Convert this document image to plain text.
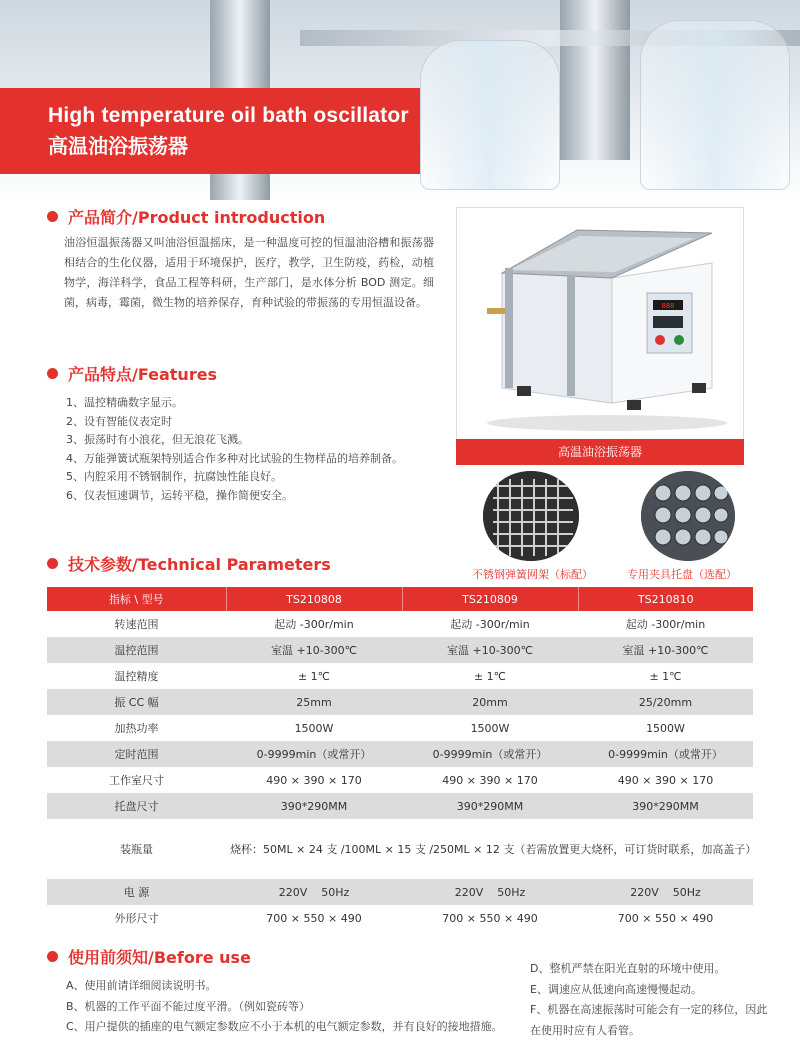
High temperature oil bath oscillator
高温油浴振荡器
产品简介/Product introduction
油浴恒温振荡器又叫油浴恒温摇床，是一种温度可控的恒温油浴槽和振荡器相结合的生化仪器，适用于环境保护，医疗，教学，卫生防疫，药检，动植物学，海洋科学，食品工程等科研，生产部门，是水体分析 BOD 测定。细菌，病毒，霉菌，微生物的培养保存，育种试验的带振荡的专用恒温设备。
产品特点/Features
1、温控精确数字显示。
2、设有智能仪表定时
3、振荡时有小浪花，但无浪花飞溅。
4、万能弹簧试瓶架特别适合作多种对比试验的生物样品的培养制备。
5、内腔采用不锈钢制作，抗腐蚀性能良好。
6、仪表恒速调节，运转平稳，操作简便安全。
888
高温油浴振荡器
不锈钢弹簧网架（标配）	专用夹具托盘（选配）
技术参数/Technical Parameters
指标 \ 型号	TS210808	TS210809	TS210810
转速范围	起动 -300r/min	起动 -300r/min	起动 -300r/min
温控范围	室温 +10-300℃	室温 +10-300℃	室温 +10-300℃
温控精度	± 1℃	± 1℃	± 1℃
振 CC 幅	25mm	20mm	25/20mm
加热功率	1500W	1500W	1500W
定时范围	0-9999min（或常开）	0-9999min（或常开）	0-9999min（或常开）
工作室尺寸	490 × 390 × 170	490 × 390 × 170	490 × 390 × 170
托盘尺寸	390*290MM	390*290MM	390*290MM
装瓶量	烧杯：50ML × 24 支 /100ML × 15 支 /250ML × 12 支（若需放置更大烧杯，可订货时联系，加高盖子）		
电 源	220V    50Hz	220V    50Hz	220V    50Hz
外形尺寸	700 × 550 × 490	700 × 550 × 490	700 × 550 × 490
使用前须知/Before use
A、使用前请详细阅读说明书。
B、机器的工作平面不能过度平滑。（例如瓷砖等）
C、用户提供的插座的电气额定参数应不小于本机的电气额定参数，并有良好的接地措施。
D、整机严禁在阳光直射的环境中使用。
E、调速应从低速向高速慢慢起动。
F、机器在高速振荡时可能会有一定的移位，因此在使用时应有人看管。
